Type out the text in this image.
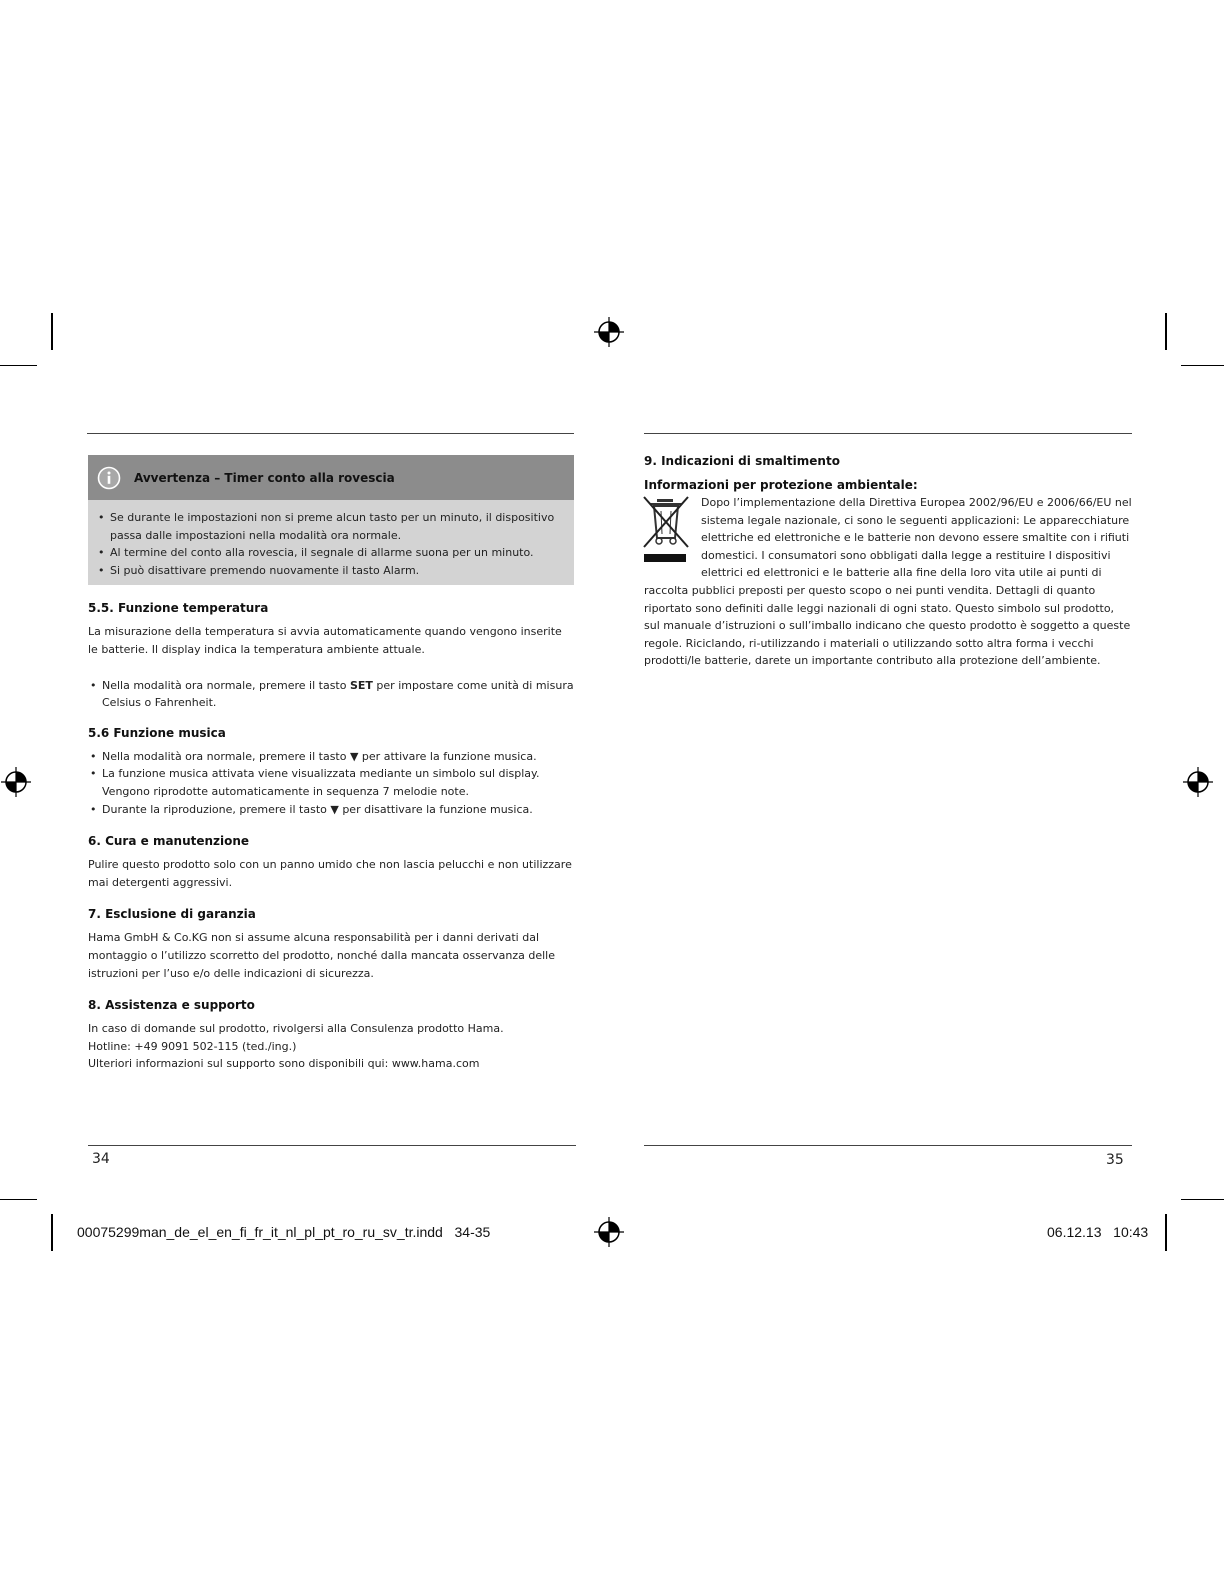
Avvertenza – Timer conto alla rovescia
• Se durante le impostazioni non si preme alcun tasto per un minuto, il dispositivo passa dalle impostazioni nella modalità ora normale.
• Al termine del conto alla rovescia, il segnale di allarme suona per un minuto.
• Si può disattivare premendo nuovamente il tasto Alarm.
5.5. Funzione temperatura

La misurazione della temperatura si avvia automaticamente quando vengono inserite le batterie. Il display indica la temperatura ambiente attuale.

• Nella modalità ora normale, premere il tasto SET per impostare come unità di misura Celsius o Fahrenheit.
5.6 Funzione musica
• Nella modalità ora normale, premere il tasto ▼ per attivare la funzione musica.
• La funzione musica attivata viene visualizzata mediante un simbolo sul display. Vengono riprodotte automaticamente in sequenza 7 melodie note.
• Durante la riproduzione, premere il tasto ▼ per disattivare la funzione musica.
6. Cura e manutenzione

Pulire questo prodotto solo con un panno umido che non lascia pelucchi e non utilizzare mai detergenti aggressivi.

7. Esclusione di garanzia

Hama GmbH & Co.KG non si assume alcuna responsabilità per i danni derivati dal montaggio o l’utilizzo scorretto del prodotto, nonché dalla mancata osservanza delle istruzioni per l’uso e/o delle indicazioni di sicurezza.

8. Assistenza e supporto

In caso di domande sul prodotto, rivolgersi alla Consulenza prodotto Hama.

Hotline: +49 9091 502-115 (ted./ing.)

Ulteriori informazioni sul supporto sono disponibili qui: www.hama.com

34
9. Indicazioni di smaltimento
Informazioni per protezione ambientale:

Dopo l’implementazione della Direttiva Europea 2002/96/EU e 2006/66/EU nel sistema legale nazionale, ci sono le seguenti applicazioni: Le apparecchiature elettriche ed elettroniche e le batterie non devono essere smaltite con i rifiuti domestici. I consumatori sono obbligati dalla legge a restituire I dispositivi elettrici ed elettronici e le batterie alla fine della loro vita utile ai punti di raccolta pubblici preposti per questo scopo o nei punti vendita. Dettagli di quanto riportato sono definiti dalle leggi nazionali di ogni stato. Questo simbolo sul prodotto, sul manuale d’istruzioni o sull’imballo indicano che questo prodotto è soggetto a queste regole. Riciclando, ri-utilizzando i materiali o utilizzando sotto altra forma i vecchi prodotti/le batterie, darete un importante contributo alla protezione dell’ambiente.

35
00075299man_de_el_en_fi_fr_it_nl_pl_pt_ro_ru_sv_tr.indd   34-35	06.12.13   10:43
